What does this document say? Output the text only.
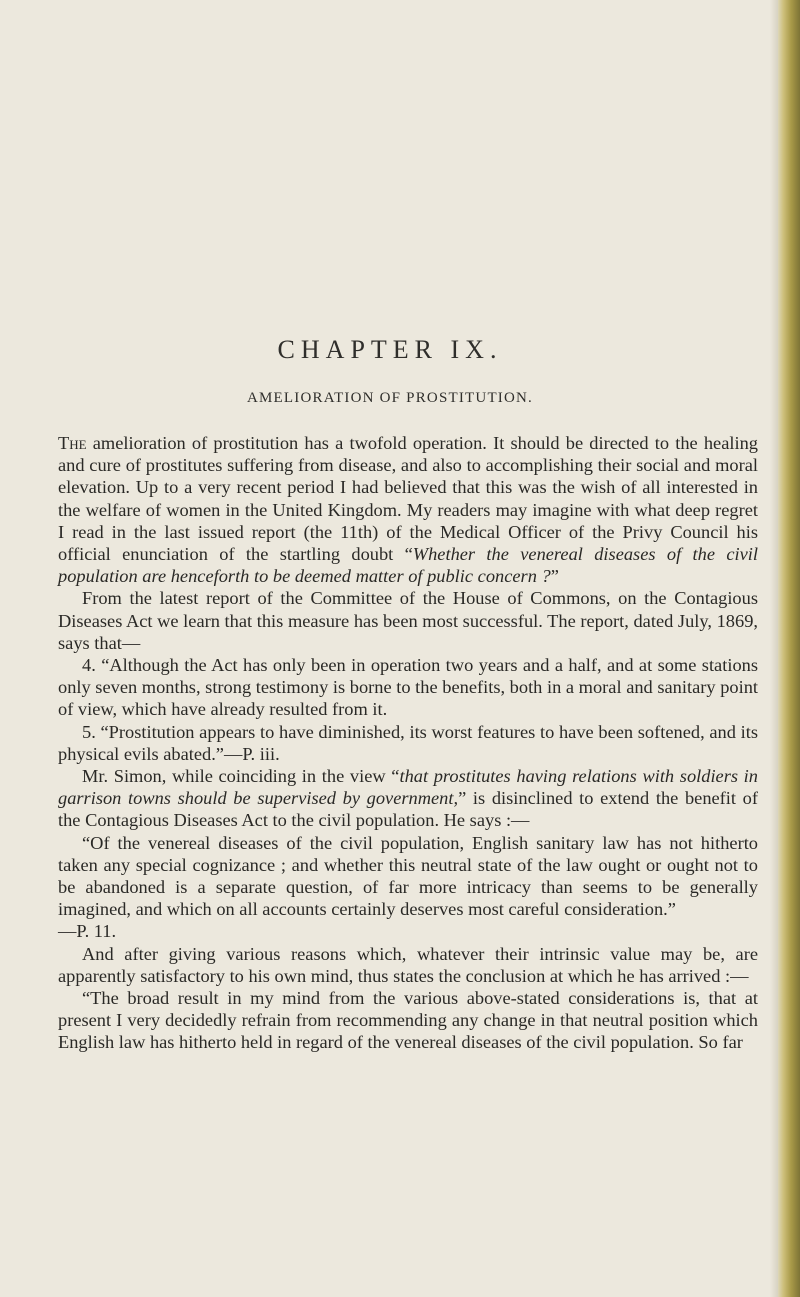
CHAPTER IX.
AMELIORATION OF PROSTITUTION.

The amelioration of prostitution has a twofold operation. It should be directed to the healing and cure of prostitutes suffering from disease, and also to accomplishing their social and moral elevation. Up to a very recent period I had believed that this was the wish of all interested in the welfare of women in the United Kingdom. My readers may imagine with what deep regret I read in the last issued report (the 11th) of the Medical Officer of the Privy Council his official enunciation of the startling doubt “Whether the venereal diseases of the civil population are henceforth to be deemed matter of public concern ?”

From the latest report of the Committee of the House of Commons, on the Contagious Diseases Act we learn that this measure has been most successful. The report, dated July, 1869, says that—

4. “Although the Act has only been in operation two years and a half, and at some stations only seven months, strong testimony is borne to the benefits, both in a moral and sanitary point of view, which have already resulted from it.

5. “Prostitution appears to have diminished, its worst features to have been softened, and its physical evils abated.”—P. iii.

Mr. Simon, while coinciding in the view “that prostitutes having relations with soldiers in garrison towns should be supervised by government,” is disinclined to extend the benefit of the Contagious Diseases Act to the civil population. He says :—

“Of the venereal diseases of the civil population, English sanitary law has not hitherto taken any special cognizance ; and whether this neutral state of the law ought or ought not to be abandoned is a separate question, of far more intricacy than seems to be generally imagined, and which on all accounts certainly deserves most careful consideration.”

—P. 11.

And after giving various reasons which, whatever their intrinsic value may be, are apparently satisfactory to his own mind, thus states the conclusion at which he has arrived :—

“The broad result in my mind from the various above-stated considerations is, that at present I very decidedly refrain from recommending any change in that neutral position which English law has hitherto held in regard of the venereal diseases of the civil population. So far
